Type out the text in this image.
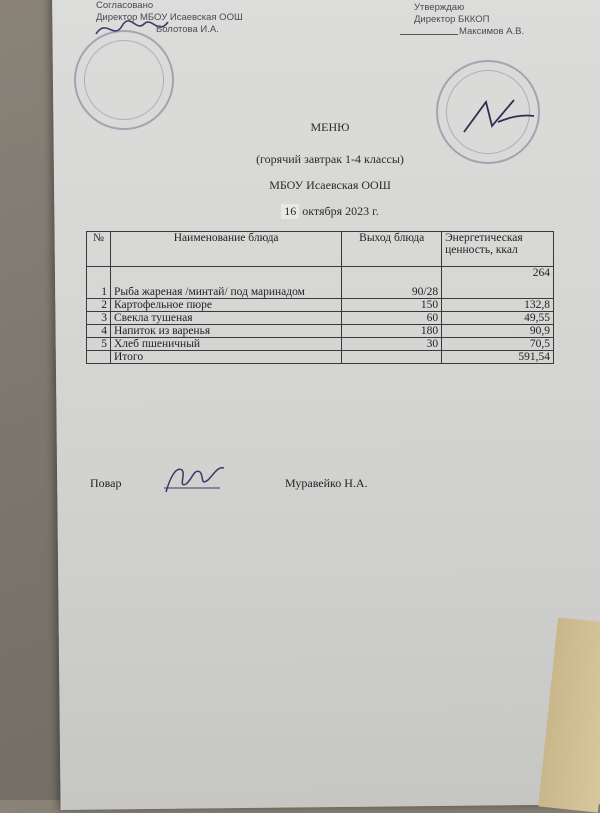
Согласовано
Директор МБОУ Исаевская ООШ
Болотова И.А.
Утверждаю
Директор БККОП
Максимов А.В.
МЕНЮ
(горячий завтрак 1-4 классы)
МБОУ Исаевская ООШ
16 октября 2023 г.
№	Наименование блюда	Выход блюда	Энергетическая ценность, ккал
1	Рыба жареная /минтай/ под маринадом	90/28	264
2	Картофельное пюре	150	132,8
3	Свекла тушеная	60	49,55
4	Напиток из варенья	180	90,9
5	Хлеб пшеничный	30	70,5
	Итого		591,54
Повар	Муравейко Н.А.
